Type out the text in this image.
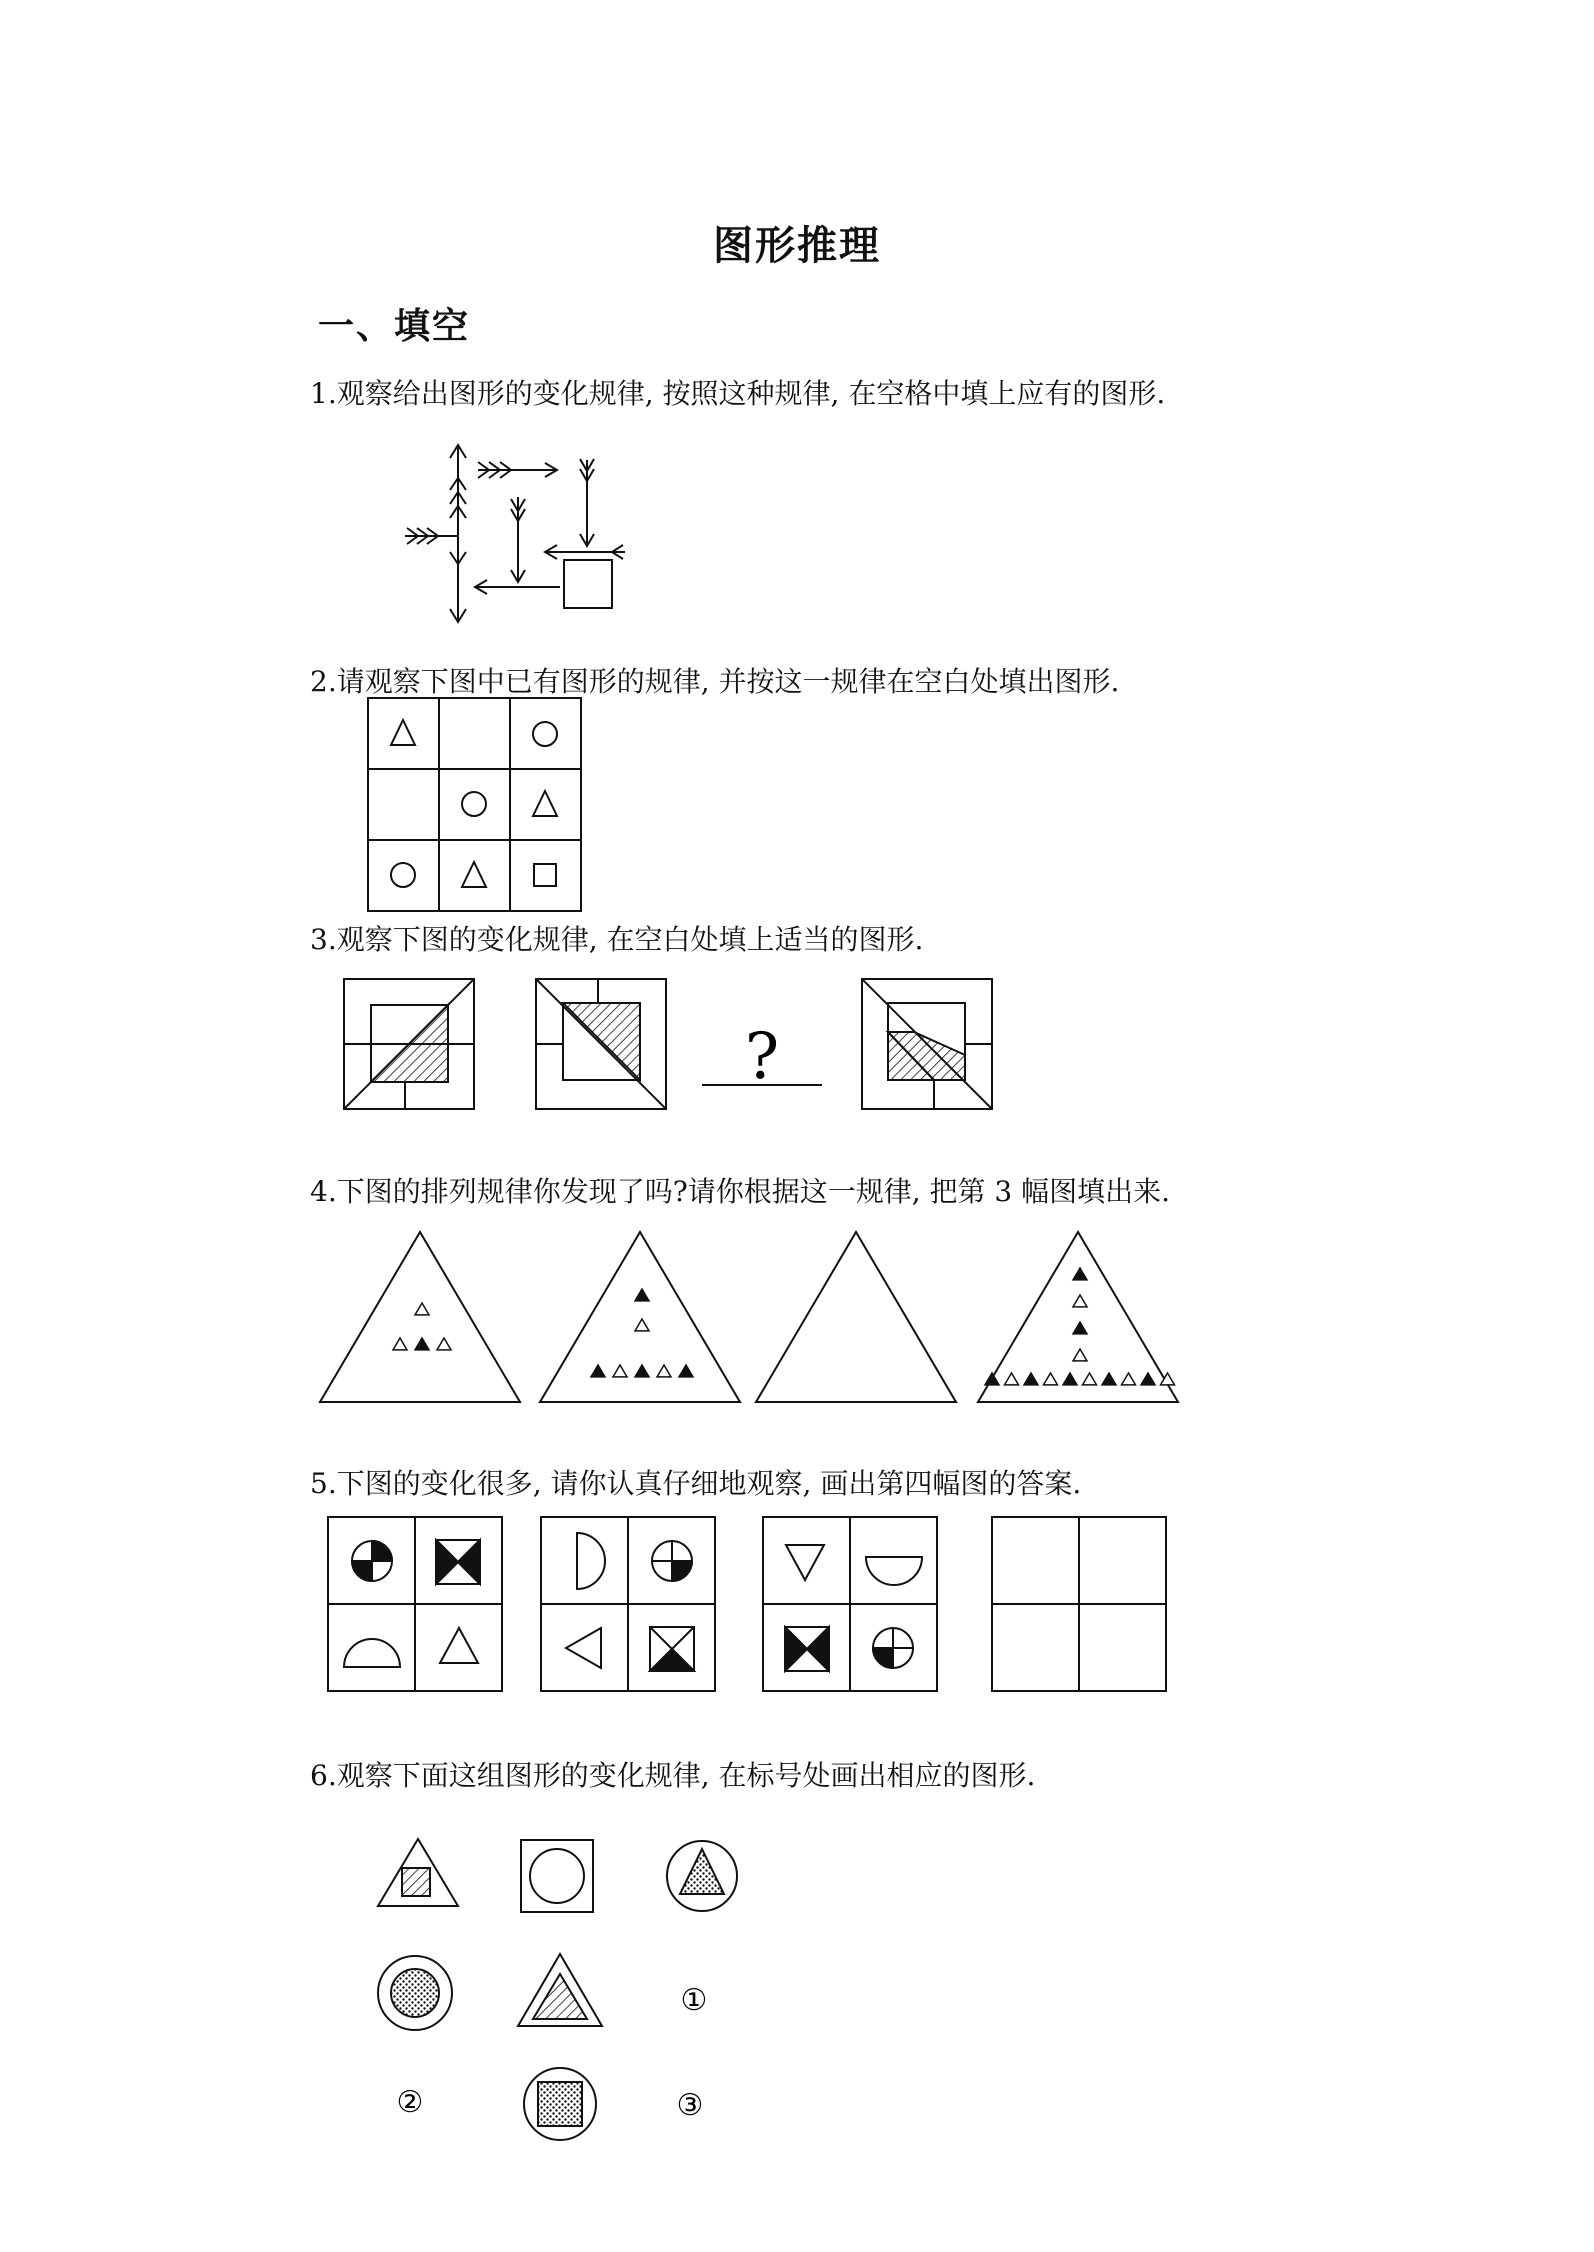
图形推理
一、填空
1.观察给出图形的变化规律, 按照这种规律, 在空格中填上应有的图形.
2.请观察下图中已有图形的规律, 并按这一规律在空白处填出图形.
3.观察下图的变化规律, 在空白处填上适当的图形.
4.下图的排列规律你发现了吗?请你根据这一规律, 把第 3 幅图填出来.
5.下图的变化很多, 请你认真仔细地观察, 画出第四幅图的答案.
6.观察下面这组图形的变化规律, 在标号处画出相应的图形.
?
①
②	③
